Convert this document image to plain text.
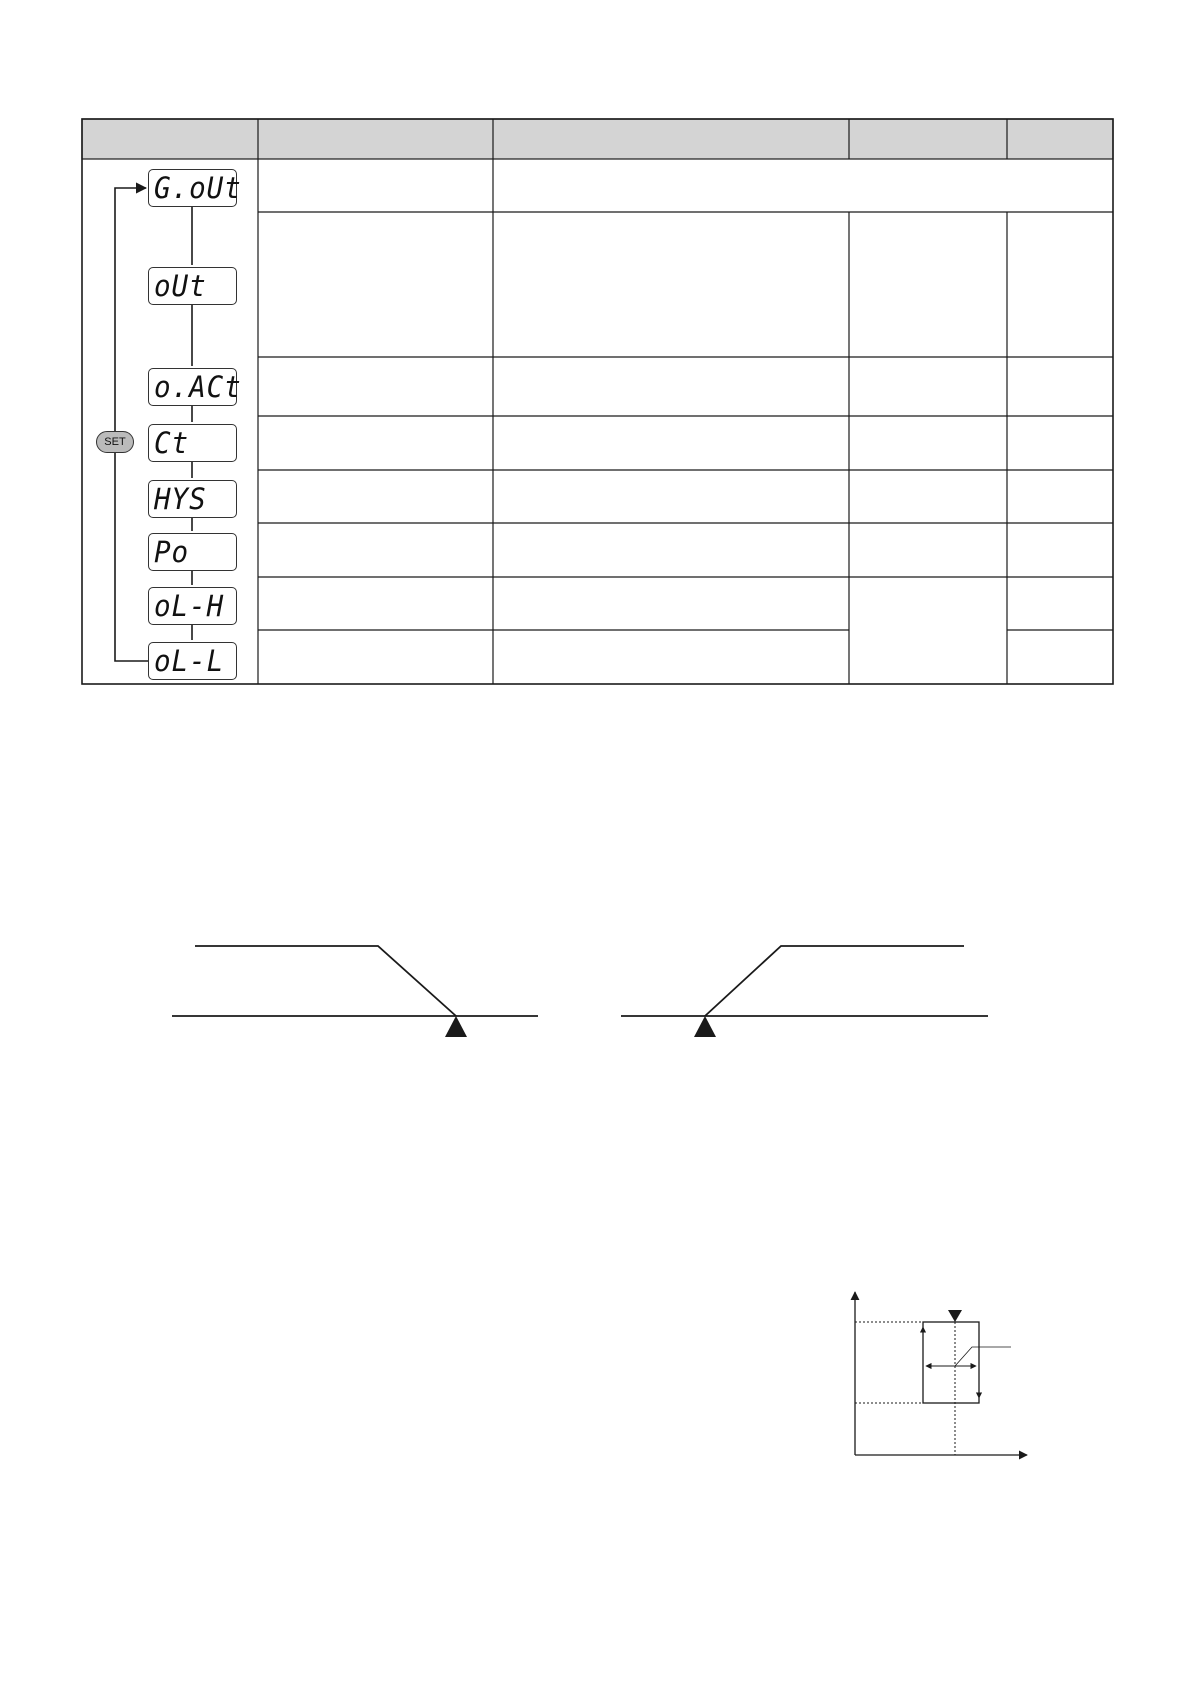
G.oUt
oUt
o.ACt
Ct
HYS
Po
oL-H
oL-L
SET
